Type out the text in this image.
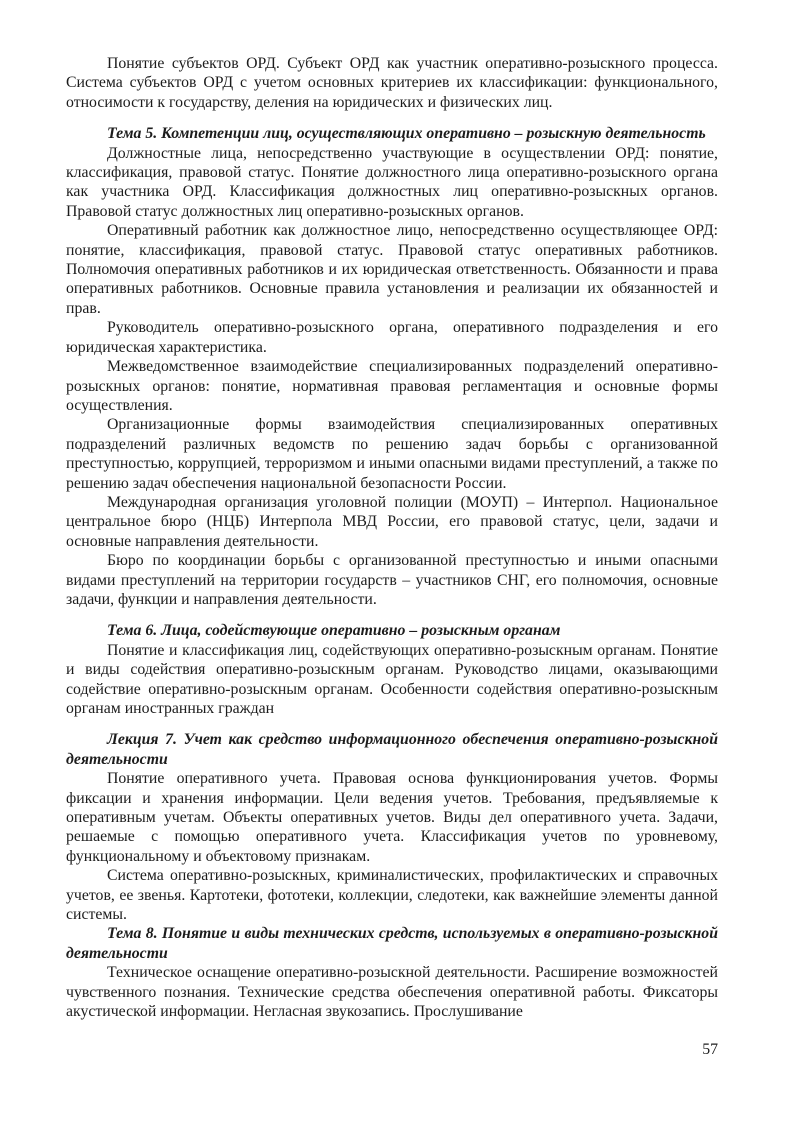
Понятие субъектов ОРД. Субъект ОРД как участник оперативно-розыскного процесса. Система субъектов ОРД с учетом основных критериев их классификации: функционального, относимости к государству, деления на юридических и физических лиц.

Тема 5. Компетенции лиц, осуществляющих оперативно – розыскную деятельность

Должностные лица, непосредственно участвующие в осуществлении ОРД: понятие, классификация, правовой статус. Понятие должностного лица оперативно-розыскного органа как участника ОРД. Классификация должностных лиц оперативно-розыскных органов. Правовой статус должностных лиц оперативно-розыскных органов.

Оперативный работник как должностное лицо, непосредственно осуществляющее ОРД: понятие, классификация, правовой статус. Правовой статус оперативных работников. Полномочия оперативных работников и их юридическая ответственность. Обязанности и права оперативных работников. Основные правила установления и реализации их обязанностей и прав.

Руководитель оперативно-розыскного органа, оперативного подразделения и его юридическая характеристика.

Межведомственное взаимодействие специализированных подразделений оперативно-розыскных органов: понятие, нормативная правовая регламентация и основные формы осуществления.

Организационные формы взаимодействия специализированных оперативных подразделений различных ведомств по решению задач борьбы с организованной преступностью, коррупцией, терроризмом и иными опасными видами преступлений, а также по решению задач обеспечения национальной безопасности России.

Международная организация уголовной полиции (МОУП) – Интерпол. Национальное центральное бюро (НЦБ) Интерпола МВД России, его правовой статус, цели, задачи и основные направления деятельности.

Бюро по координации борьбы с организованной преступностью и иными опасными видами преступлений на территории государств – участников СНГ, его полномочия, основные задачи, функции и направления деятельности.

Тема 6. Лица, содействующие оперативно – розыскным органам

Понятие и классификация лиц, содействующих оперативно-розыскным органам. Понятие и виды содействия оперативно-розыскным органам. Руководство лицами, оказывающими содействие оперативно-розыскным органам. Особенности содействия оперативно-розыскным органам иностранных граждан

Лекция 7. Учет как средство информационного обеспечения оперативно-розыскной деятельности

Понятие оперативного учета. Правовая основа функционирования учетов. Формы фиксации и хранения информации. Цели ведения учетов. Требования, предъявляемые к оперативным учетам. Объекты оперативных учетов. Виды дел оперативного учета. Задачи, решаемые с помощью оперативного учета. Классификация учетов по уровневому, функциональному и объектовому признакам.

Система оперативно-розыскных, криминалистических, профилактических и справочных учетов, ее звенья. Картотеки, фототеки, коллекции, следотеки, как важнейшие элементы данной системы.

Тема 8. Понятие и виды технических средств, используемых в оперативно-розыскной деятельности

Техническое оснащение оперативно-розыскной деятельности. Расширение возможностей чувственного познания. Технические средства обеспечения оперативной работы. Фиксаторы акустической информации. Негласная звукозапись. Прослушивание

57
